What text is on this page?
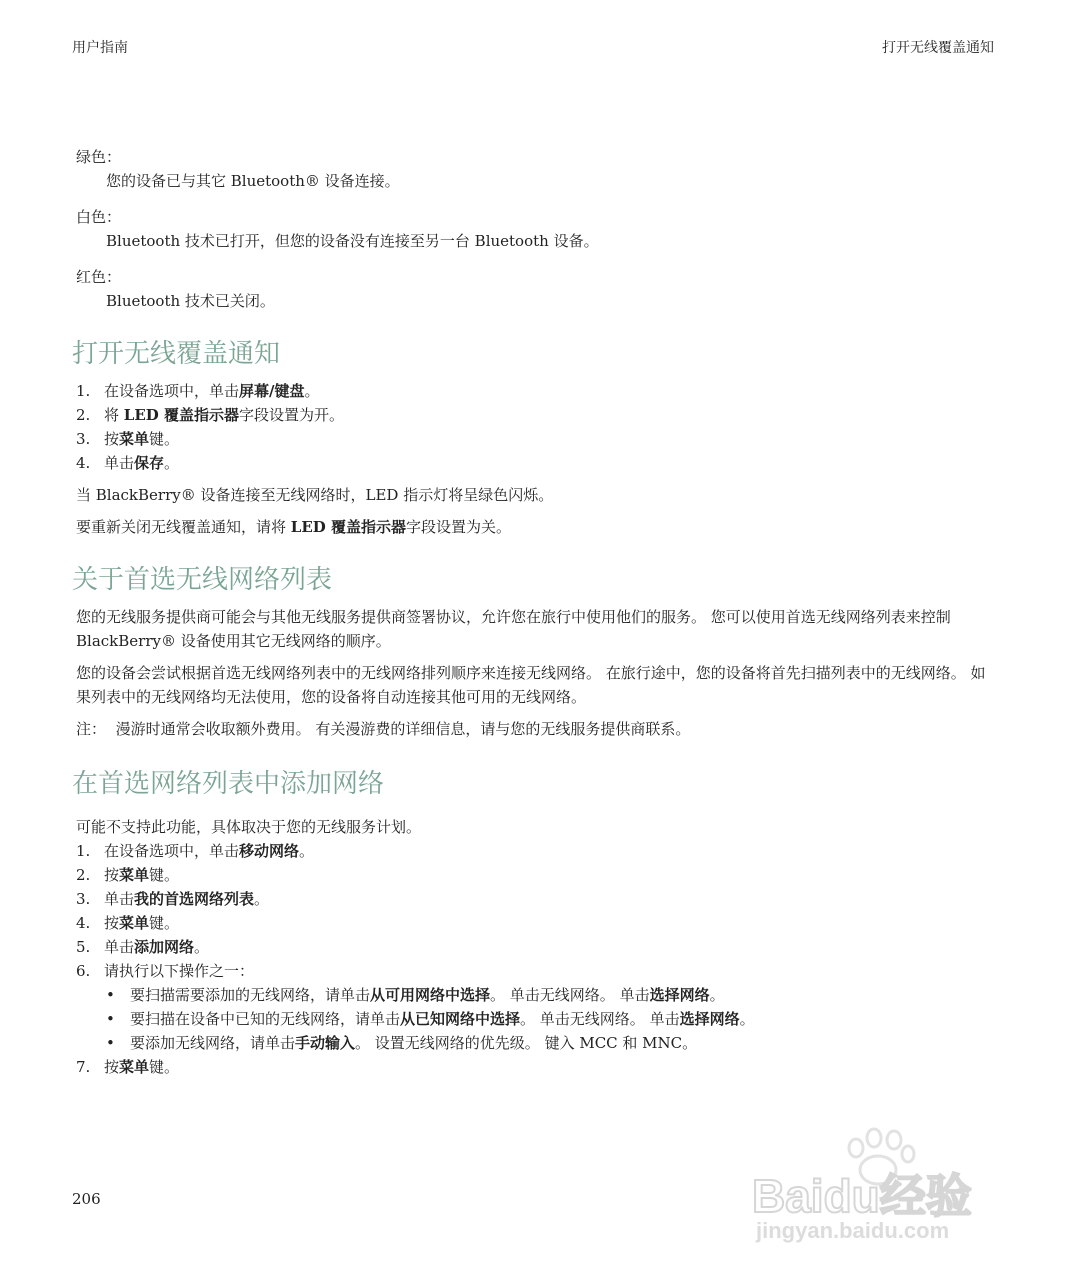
用户指南	打开无线覆盖通知
绿色：
您的设备已与其它 Bluetooth® 设备连接。
白色：
Bluetooth 技术已打开，但您的设备没有连接至另一台 Bluetooth 设备。
红色：
Bluetooth 技术已关闭。
打开无线覆盖通知
1. 在设备选项中，单击屏幕/键盘。
2. 将 LED 覆盖指示器字段设置为开。
3. 按菜单键。
4. 单击保存。

当 BlackBerry® 设备连接至无线网络时，LED 指示灯将呈绿色闪烁。

要重新关闭无线覆盖通知，请将 LED 覆盖指示器字段设置为关。

关于首选无线网络列表

您的无线服务提供商可能会与其他无线服务提供商签署协议，允许您在旅行中使用他们的服务。 您可以使用首选无线网络列表来控制 BlackBerry® 设备使用其它无线网络的顺序。

您的设备会尝试根据首选无线网络列表中的无线网络排列顺序来连接无线网络。 在旅行途中，您的设备将首先扫描列表中的无线网络。 如果列表中的无线网络均无法使用，您的设备将自动连接其他可用的无线网络。

注： 漫游时通常会收取额外费用。 有关漫游费的详细信息，请与您的无线服务提供商联系。

在首选网络列表中添加网络
可能不支持此功能，具体取决于您的无线服务计划。
1. 在设备选项中，单击移动网络。
2. 按菜单键。
3. 单击我的首选网络列表。
4. 按菜单键。
5. 单击添加网络。
6. 请执行以下操作之一：
•	要扫描需要添加的无线网络，请单击从可用网络中选择。 单击无线网络。 单击选择网络。
•	要扫描在设备中已知的无线网络，请单击从已知网络中选择。 单击无线网络。 单击选择网络。
•	要添加无线网络，请单击手动输入。 设置无线网络的优先级。 键入 MCC 和 MNC。
7. 按菜单键。
206	Baidu经验
jingyan.baidu.com
